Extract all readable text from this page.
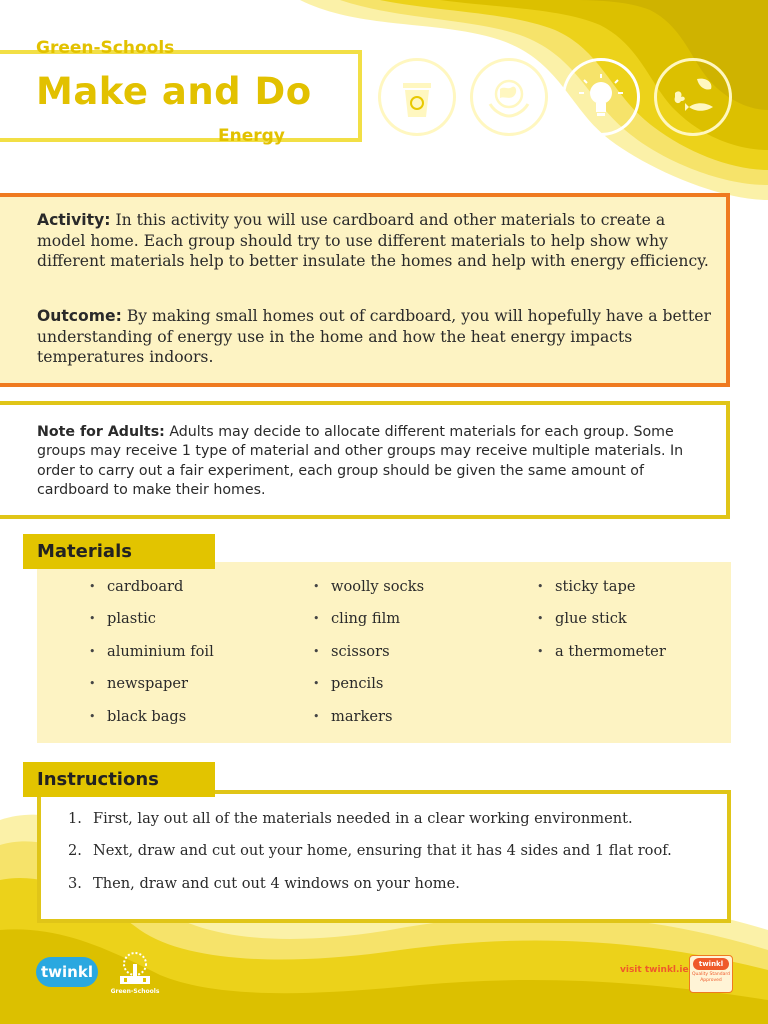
Green-Schools
Make and Do
Energy

Activity: In this activity you will use cardboard and other materials to create a model home. Each group should try to use different materials to help show why different materials help to better insulate the homes and help with energy efficiency.

Outcome: By making small homes out of cardboard, you will hopefully have a better understanding of energy use in the home and how the heat energy impacts temperatures indoors.

Note for Adults: Adults may decide to allocate different materials for each group. Some groups may receive 1 type of material and other groups may receive multiple materials. In order to carry out a fair experiment, each group should be given the same amount of cardboard to make their homes.

Materials
• cardboard
• plastic
• aluminium foil
• newspaper
• black bags
• woolly socks
• cling film
• scissors
• pencils
• markers
• sticky tape
• glue stick
• a thermometer
Instructions
1. First, lay out all of the materials needed in a clear working environment.
2. Next, draw and cut out your home, ensuring that it has 4 sides and 1 flat roof.
3. Then, draw and cut out 4 windows on your home.
twinkl
Green-Schools
visit twinkl.ie
twinkl
Quality Standard Approved
